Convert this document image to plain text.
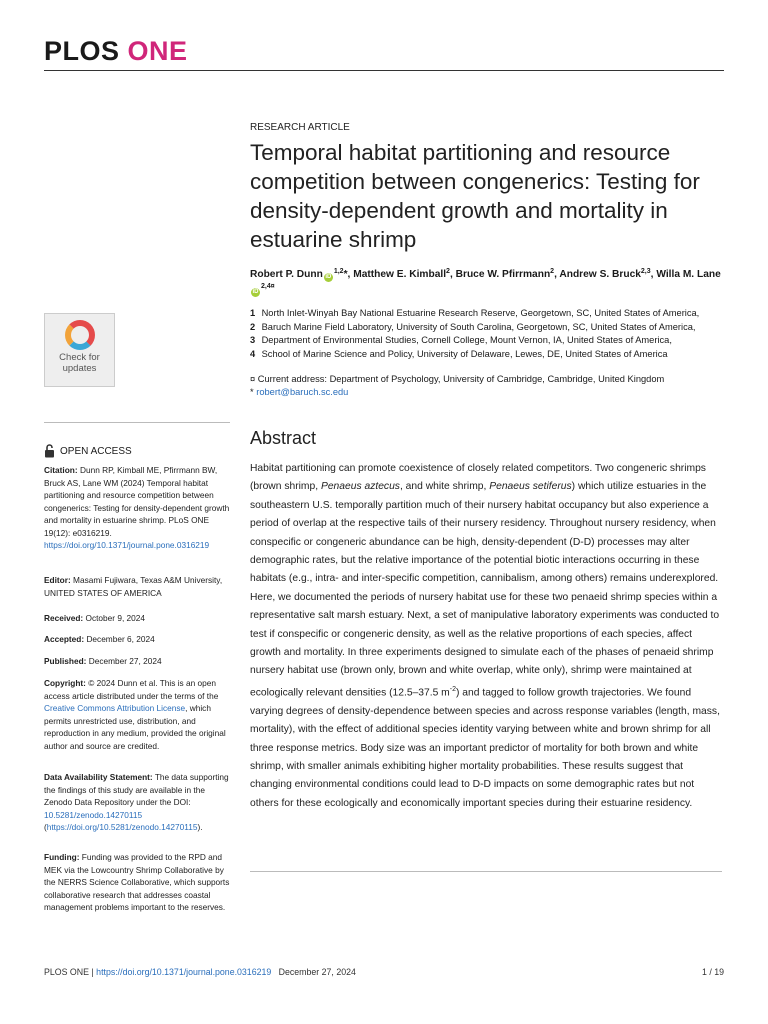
PLOS ONE
RESEARCH ARTICLE
Temporal habitat partitioning and resource competition between congenerics: Testing for density-dependent growth and mortality in estuarine shrimp
Robert P. Dunn iD$^{1,2}$*, Matthew E. Kimball$^2$, Bruce W. Pfirrmann$^2$, Andrew S. Bruck$^{2,3}$, Willa M. LaneiD$^{2,4¤}$
1 North Inlet-Winyah Bay National Estuarine Research Reserve, Georgetown, SC, United States of America,
2 Baruch Marine Field Laboratory, University of South Carolina, Georgetown, SC, United States of America,
3 Department of Environmental Studies, Cornell College, Mount Vernon, IA, United States of America,
4 School of Marine Science and Policy, University of Delaware, Lewes, DE, United States of America
¤ Current address: Department of Psychology, University of Cambridge, Cambridge, United Kingdom
* robert@baruch.sc.edu
Check for
updates
OPEN ACCESS
Citation: Dunn RP, Kimball ME, Pfirrmann BW, Bruck AS, Lane WM (2024) Temporal habitat partitioning and resource competition between congenerics: Testing for density-dependent growth and mortality in estuarine shrimp. PLoS ONE 19(12): e0316219. https://doi.org/10.1371/journal.pone.0316219
Editor: Masami Fujiwara, Texas A&M University, UNITED STATES OF AMERICA
Received: October 9, 2024
Accepted: December 6, 2024
Published: December 27, 2024
Copyright: © 2024 Dunn et al. This is an open access article distributed under the terms of the Creative Commons Attribution License, which permits unrestricted use, distribution, and reproduction in any medium, provided the original author and source are credited.
Data Availability Statement: The data supporting the findings of this study are available in the Zenodo Data Repository under the DOI: 10.5281/zenodo.14270115 (https://doi.org/10.5281/zenodo.14270115).
Funding: Funding was provided to the RPD and MEK via the Lowcountry Shrimp Collaborative by the NERRS Science Collaborative, which supports collaborative research that addresses coastal management problems important to the reserves.
Abstract
Habitat partitioning can promote coexistence of closely related competitors. Two congeneric shrimps (brown shrimp, Penaeus aztecus, and white shrimp, Penaeus setiferus) which utilize estuaries in the southeastern U.S. temporally partition much of their nursery habitat occupancy but also experience a period of overlap at the respective tails of their nursery residency. Throughout nursery residency, when conspecific or congeneric abundance can be high, density-dependent (D-D) processes may alter demographic rates, but the relative importance of the potential biotic interactions occurring in these habitats (e.g., intra- and inter-specific competition, cannibalism, among others) remains underexplored. Here, we documented the periods of nursery habitat use for these two penaeid shrimp species within a representative salt marsh estuary. Next, a set of manipulative laboratory experiments was conducted to test if conspecific or congeneric density, as well as the relative proportions of each species, affect growth and mortality. In three experiments designed to simulate each of the phases of penaeid shrimp nursery habitat use (brown only, brown and white overlap, white only), shrimp were maintained at ecologically relevant densities (12.5–37.5 $m^{-2}$) and tagged to follow growth trajectories. We found varying degrees of density-dependence between species and across response variables (length, mass, mortality), with the effect of additional species identity varying between white and brown shrimp for all three response metrics. Body size was an important predictor of mortality for both brown and white shrimp, with smaller animals exhibiting higher mortality probabilities. These results suggest that changing environmental conditions could lead to D-D impacts on some demographic rates but not others for these ecologically and economically important species during their estuarine residency.
PLOS ONE | https://doi.org/10.1371/journal.pone.0316219 December 27, 2024	1 / 19
